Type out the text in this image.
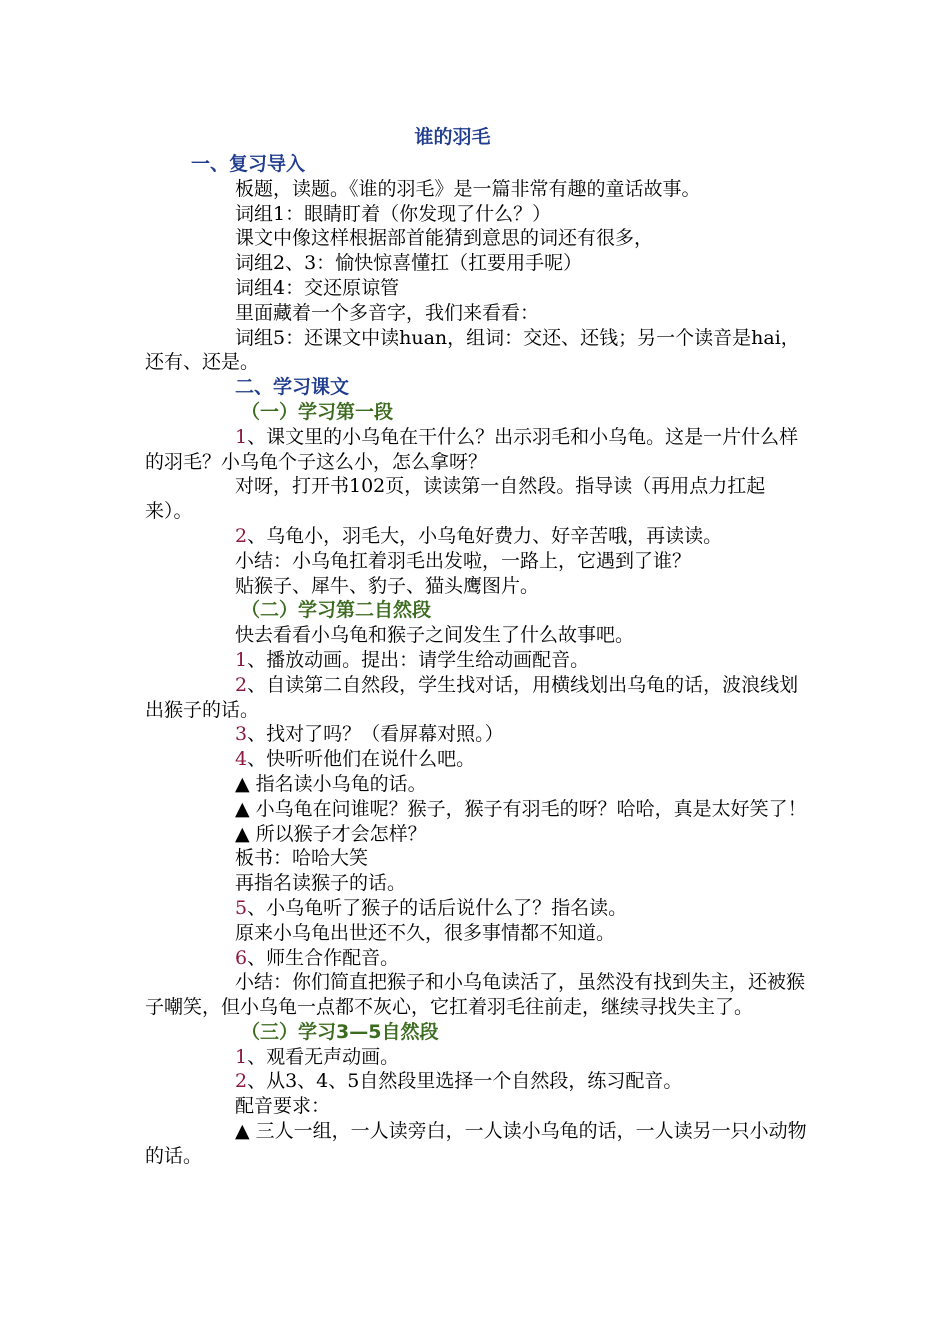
谁的羽毛
一、复习导入
板题，读题。《谁的羽毛》是一篇非常有趣的童话故事。
词组1：眼睛盯着（你发现了什么？）
课文中像这样根据部首能猜到意思的词还有很多，
词组2、3：愉快惊喜懂扛（扛要用手呢）
词组4：交还原谅管
里面藏着一个多音字，我们来看看：
词组5：还课文中读huan，组词：交还、还钱；另一个读音是hai，还有、还是。
二、学习课文
（一）学习第一段
1、课文里的小乌龟在干什么？出示羽毛和小乌龟。这是一片什么样的羽毛？小乌龟个子这么小，怎么拿呀？
对呀，打开书102页，读读第一自然段。指导读（再用点力扛起来）。
2、乌龟小，羽毛大，小乌龟好费力、好辛苦哦，再读读。
小结：小乌龟扛着羽毛出发啦，一路上，它遇到了谁？
贴猴子、犀牛、豹子、猫头鹰图片。
（二）学习第二自然段
快去看看小乌龟和猴子之间发生了什么故事吧。
1、播放动画。提出：请学生给动画配音。
2、自读第二自然段，学生找对话，用横线划出乌龟的话，波浪线划出猴子的话。
3、找对了吗？（看屏幕对照。）
4、快听听他们在说什么吧。
▲ 指名读小乌龟的话。
▲ 小乌龟在问谁呢？猴子，猴子有羽毛的呀？哈哈，真是太好笑了！
▲ 所以猴子才会怎样？
板书：哈哈大笑
再指名读猴子的话。
5、小乌龟听了猴子的话后说什么了？指名读。
原来小乌龟出世还不久，很多事情都不知道。
6、师生合作配音。
小结：你们简直把猴子和小乌龟读活了，虽然没有找到失主，还被猴子嘲笑，但小乌龟一点都不灰心，它扛着羽毛往前走，继续寻找失主了。
（三）学习3—5自然段
1、观看无声动画。
2、从3、4、5自然段里选择一个自然段，练习配音。
配音要求：
▲ 三人一组，一人读旁白，一人读小乌龟的话，一人读另一只小动物的话。
